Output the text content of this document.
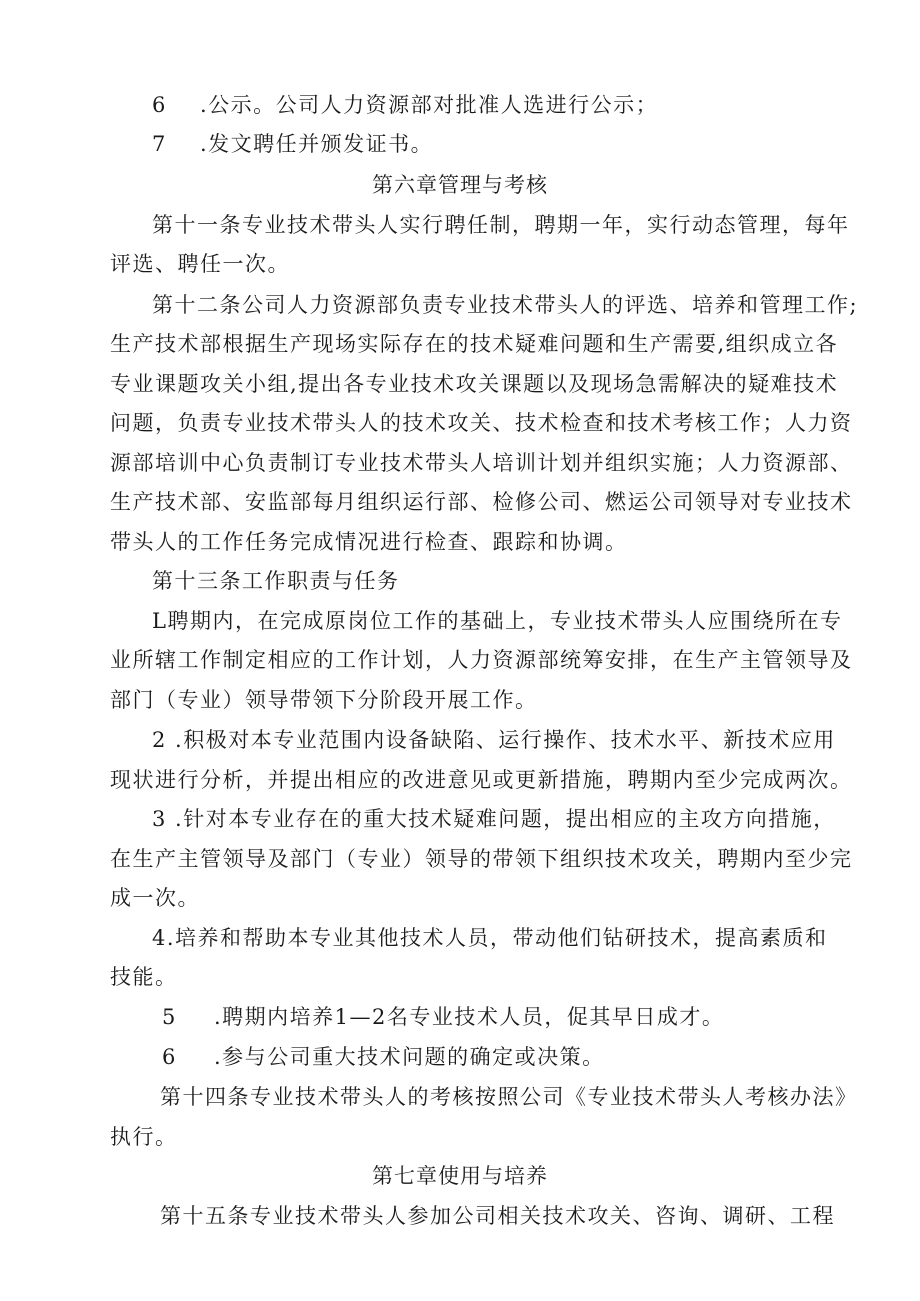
6 .公示。公司人力资源部对批准人选进行公示；
7 .发文聘任并颁发证书。
第六章管理与考核
第十一条专业技术带头人实行聘任制，聘期一年，实行动态管理，每年
评选、聘任一次。
第十二条公司人力资源部负责专业技术带头人的评选、培养和管理工作;
生产技术部根据生产现场实际存在的技术疑难问题和生产需要,组织成立各
专业课题攻关小组,提出各专业技术攻关课题以及现场急需解决的疑难技术
问题，负责专业技术带头人的技术攻关、技术检查和技术考核工作；人力资
源部培训中心负责制订专业技术带头人培训计划并组织实施；人力资源部、
生产技术部、安监部每月组织运行部、检修公司、燃运公司领导对专业技术
带头人的工作任务完成情况进行检查、跟踪和协调。
第十三条工作职责与任务
L聘期内，在完成原岗位工作的基础上，专业技术带头人应围绕所在专
业所辖工作制定相应的工作计划，人力资源部统筹安排，在生产主管领导及
部门（专业）领导带领下分阶段开展工作。
2 .积极对本专业范围内设备缺陷、运行操作、技术水平、新技术应用
现状进行分析，并提出相应的改进意见或更新措施，聘期内至少完成两次。
3 .针对本专业存在的重大技术疑难问题，提出相应的主攻方向措施，
在生产主管领导及部门（专业）领导的带领下组织技术攻关，聘期内至少完
成一次。
4.培养和帮助本专业其他技术人员，带动他们钻研技术，提高素质和
技能。
5 .聘期内培养1—2名专业技术人员，促其早日成才。
6 .参与公司重大技术问题的确定或决策。
第十四条专业技术带头人的考核按照公司《专业技术带头人考核办法》
执行。
第七章使用与培养
第十五条专业技术带头人参加公司相关技术攻关、咨询、调研、工程
